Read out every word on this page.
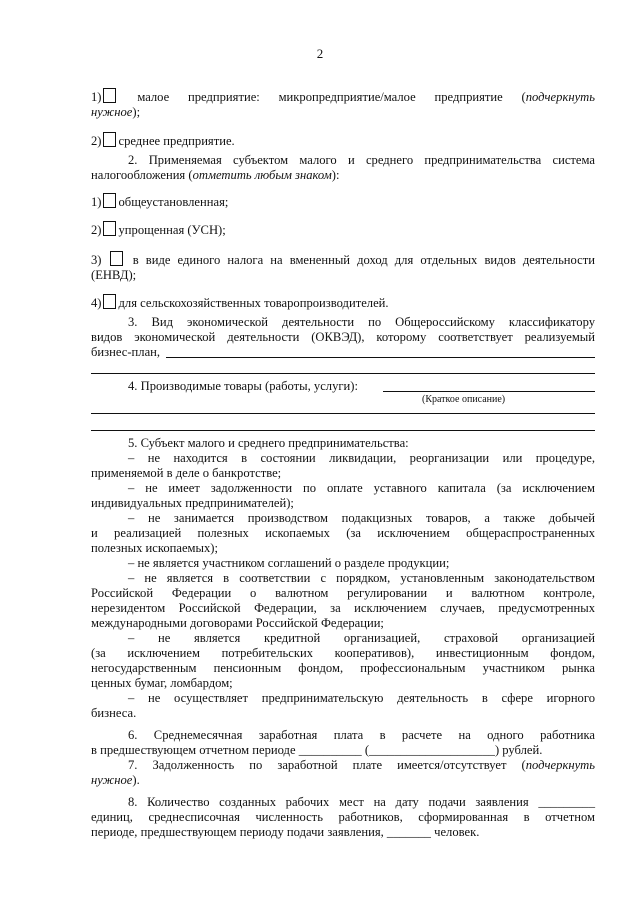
2
1)	малое предприятие: микропредприятие/малое предприятие (подчеркнуть
нужное);
2) среднее предприятие.
2. Применяемая субъектом малого и среднего предпринимательства система
налогообложения (отметить любым знаком):
1) общеустановленная;
2) упрощенная (УСН);
3) в виде единого налога на вмененный доход для отдельных видов деятельности
(ЕНВД);
4) для сельскохозяйственных товаропроизводителей.
3. Вид экономической деятельности по Общероссийскому классификатору
видов экономической деятельности (ОКВЭД), которому соответствует реализуемый
бизнес-план,
4. Производимые товары (работы, услуги):
(Краткое описание)
5. Субъект малого и среднего предпринимательства:
– не находится в состоянии ликвидации, реорганизации или процедуре,
применяемой в деле о банкротстве;
– не имеет задолженности по оплате уставного капитала (за исключением
индивидуальных предпринимателей);
– не занимается производством подакцизных товаров, а также добычей
и реализацией полезных ископаемых (за исключением общераспространенных
полезных ископаемых);
– не является участником соглашений о разделе продукции;
– не является в соответствии с порядком, установленным законодательством
Российской Федерации о валютном регулировании и валютном контроле,
нерезидентом Российской Федерации, за исключением случаев, предусмотренных
международными договорами Российской Федерации;
– не является кредитной организацией, страховой организацией
(за исключением потребительских кооперативов), инвестиционным фондом,
негосударственным пенсионным фондом, профессиональным участником рынка
ценных бумаг, ломбардом;
– не осуществляет предпринимательскую деятельность в сфере игорного
бизнеса.
6. Среднемесячная заработная плата в расчете на одного работника
в предшествующем отчетном периоде __________ (____________________) рублей.
7. Задолженность по заработной плате имеется/отсутствует (подчеркнуть
нужное).
8. Количество созданных рабочих мест на дату подачи заявления _________
единиц, среднесписочная численность работников, сформированная в отчетном
периоде, предшествующем периоду подачи заявления, _______ человек.
